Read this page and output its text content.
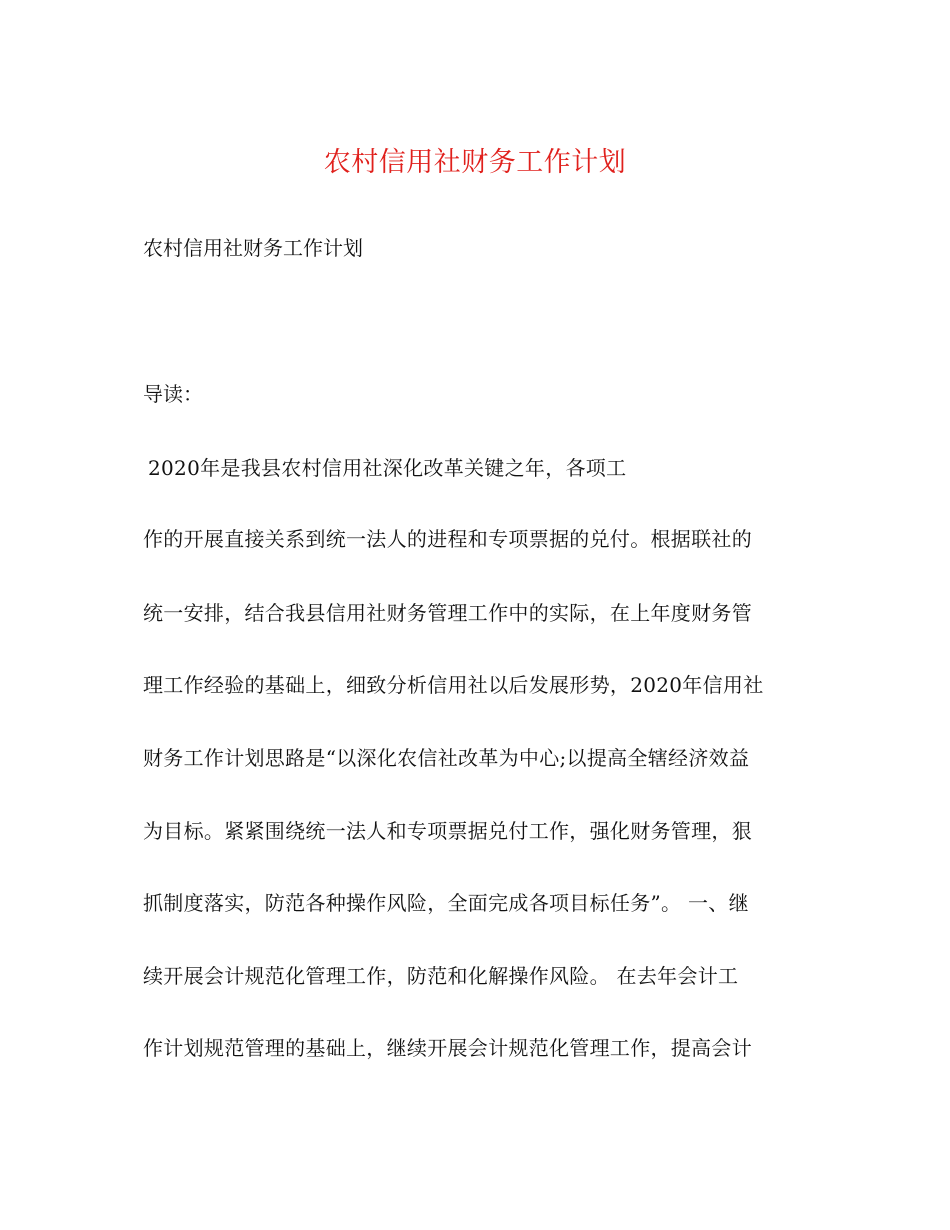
农村信用社财务工作计划

农村信用社财务工作计划

导读：

2020年是我县农村信用社深化改革关键之年，各项工

作的开展直接关系到统一法人的进程和专项票据的兑付。根据联社的

统一安排，结合我县信用社财务管理工作中的实际，在上年度财务管

理工作经验的基础上，细致分析信用社以后发展形势，2020年信用社

财务工作计划思路是“以深化农信社改革为中心;以提高全辖经济效益

为目标。紧紧围绕统一法人和专项票据兑付工作，强化财务管理，狠

抓制度落实，防范各种操作风险，全面完成各项目标任务”。 一、继

续开展会计规范化管理工作，防范和化解操作风险。 在去年会计工

作计划规范管理的基础上，继续开展会计规范化管理工作，提高会计
